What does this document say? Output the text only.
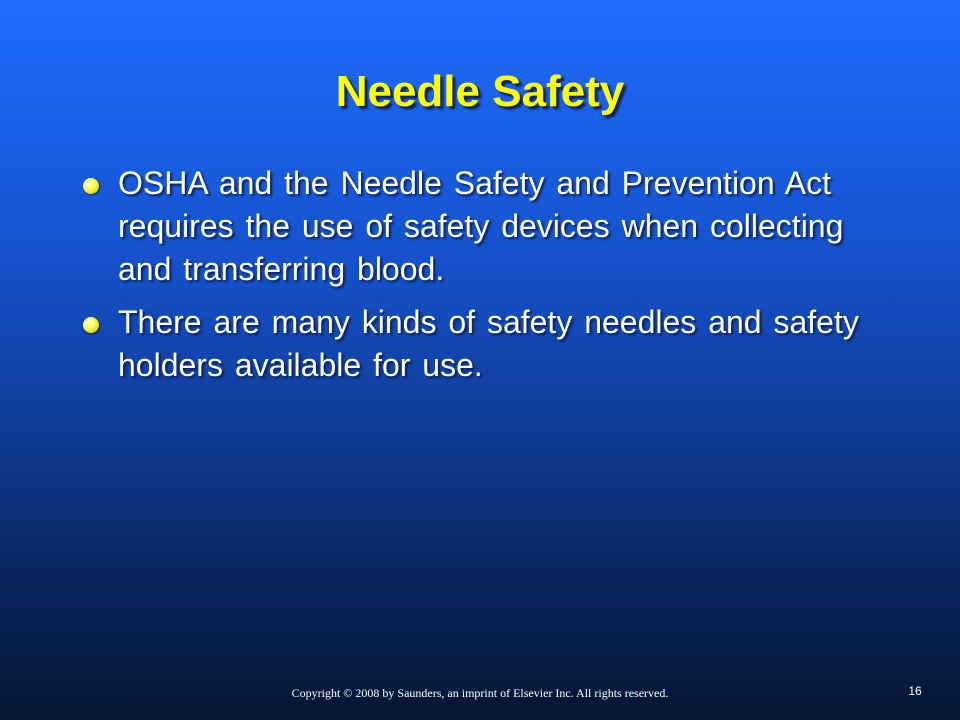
Needle Safety
OSHA and the Needle Safety and Prevention Act requires the use of safety devices when collecting and transferring blood.
There are many kinds of safety needles and safety holders available for use.
Copyright © 2008 by Saunders, an imprint of Elsevier Inc. All rights reserved.	16
